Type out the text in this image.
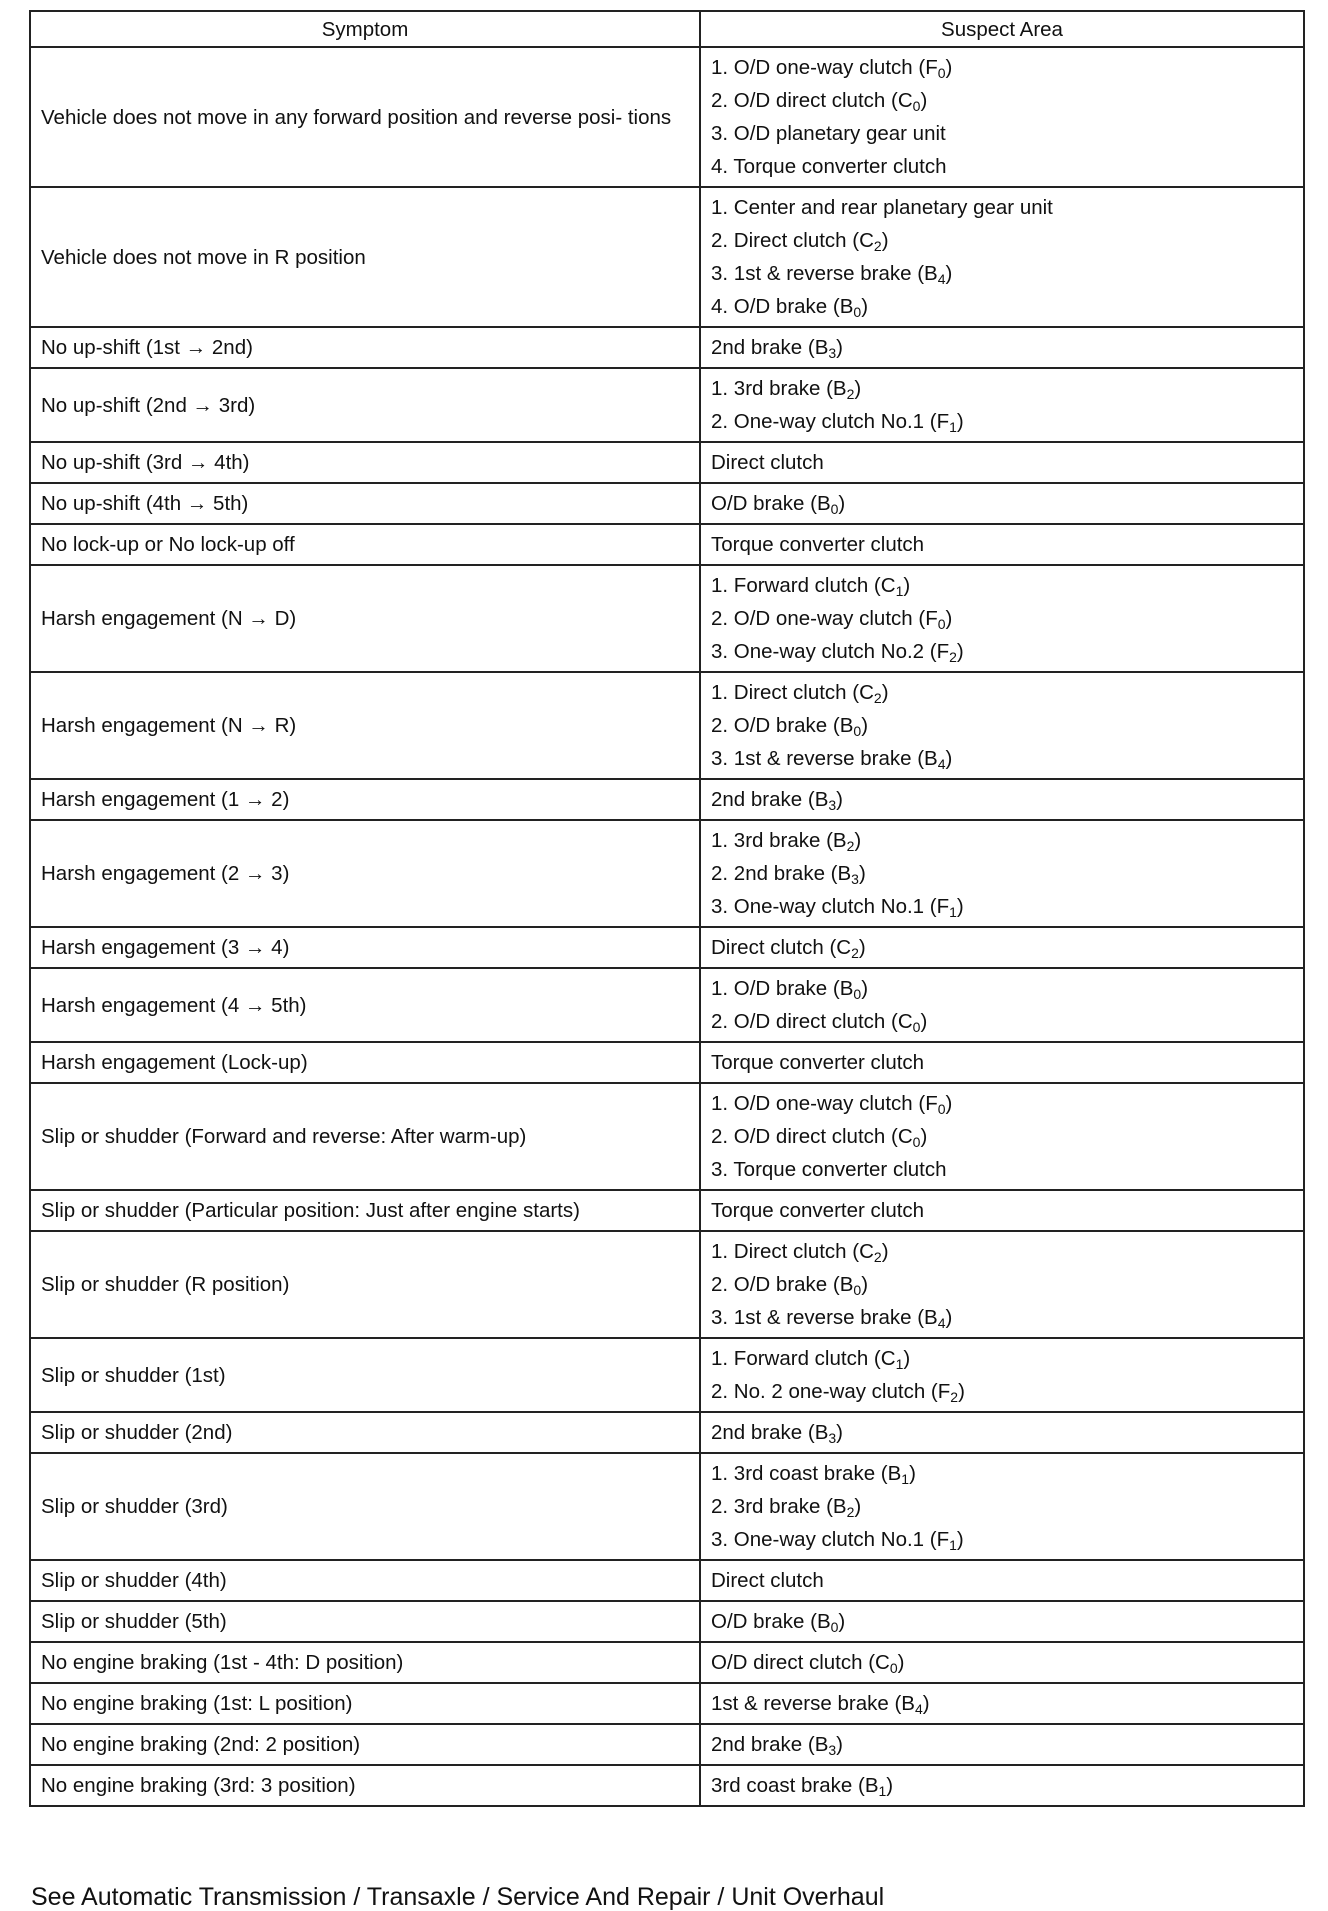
Symptom	Suspect Area
Vehicle does not move in any forward position and reverse posi- tions	1. O/D one-way clutch $(F_0)$
2. O/D direct clutch $(C_0)$
3. O/D planetary gear unit
4. Torque converter clutch

Vehicle does not move in R position	1. Center and rear planetary gear unit
2. Direct clutch $(C_2)$
3. 1st & reverse brake $(B_4)$
4. O/D brake $(B_0)$

No up-shift (1st → 2nd)	2nd brake $(B_3)$

No up-shift (2nd → 3rd)	1. 3rd brake $(B_2)$
2. One-way clutch No.1 $(F_1)$

No up-shift (3rd → 4th)	Direct clutch

No up-shift (4th → 5th)	O/D brake $(B_0)$

No lock-up or No lock-up off	Torque converter clutch

Harsh engagement (N → D)	1. Forward clutch $(C_1)$
2. O/D one-way clutch $(F_0)$
3. One-way clutch No.2 $(F_2)$

Harsh engagement (N → R)	1. Direct clutch $(C_2)$
2. O/D brake $(B_0)$
3. 1st & reverse brake $(B_4)$

Harsh engagement (1 → 2)	2nd brake $(B_3)$

Harsh engagement (2 → 3)	1. 3rd brake $(B_2)$
2. 2nd brake $(B_3)$
3. One-way clutch No.1 $(F_1)$

Harsh engagement (3 → 4)	Direct clutch $(C_2)$

Harsh engagement (4 → 5th)	1. O/D brake $(B_0)$
2. O/D direct clutch $(C_0)$

Harsh engagement (Lock-up)	Torque converter clutch

Slip or shudder (Forward and reverse: After warm-up)	1. O/D one-way clutch $(F_0)$
2. O/D direct clutch $(C_0)$
3. Torque converter clutch

Slip or shudder (Particular position: Just after engine starts)	Torque converter clutch

Slip or shudder (R position)	1. Direct clutch $(C_2)$
2. O/D brake $(B_0)$
3. 1st & reverse brake $(B_4)$

Slip or shudder (1st)	1. Forward clutch $(C_1)$
2. No. 2 one-way clutch $(F_2)$

Slip or shudder (2nd)	2nd brake $(B_3)$

Slip or shudder (3rd)	1. 3rd coast brake $(B_1)$
2. 3rd brake $(B_2)$
3. One-way clutch No.1 $(F_1)$

Slip or shudder (4th)	Direct clutch

Slip or shudder (5th)	O/D brake $(B_0)$

No engine braking (1st - 4th: D position)	O/D direct clutch $(C_0)$

No engine braking (1st: L position)	1st & reverse brake $(B_4)$

No engine braking (2nd: 2 position)	2nd brake $(B_3)$

No engine braking (3rd: 3 position)	3rd coast brake $(B_1)$
See Automatic Transmission / Transaxle / Service And Repair / Unit Overhaul
